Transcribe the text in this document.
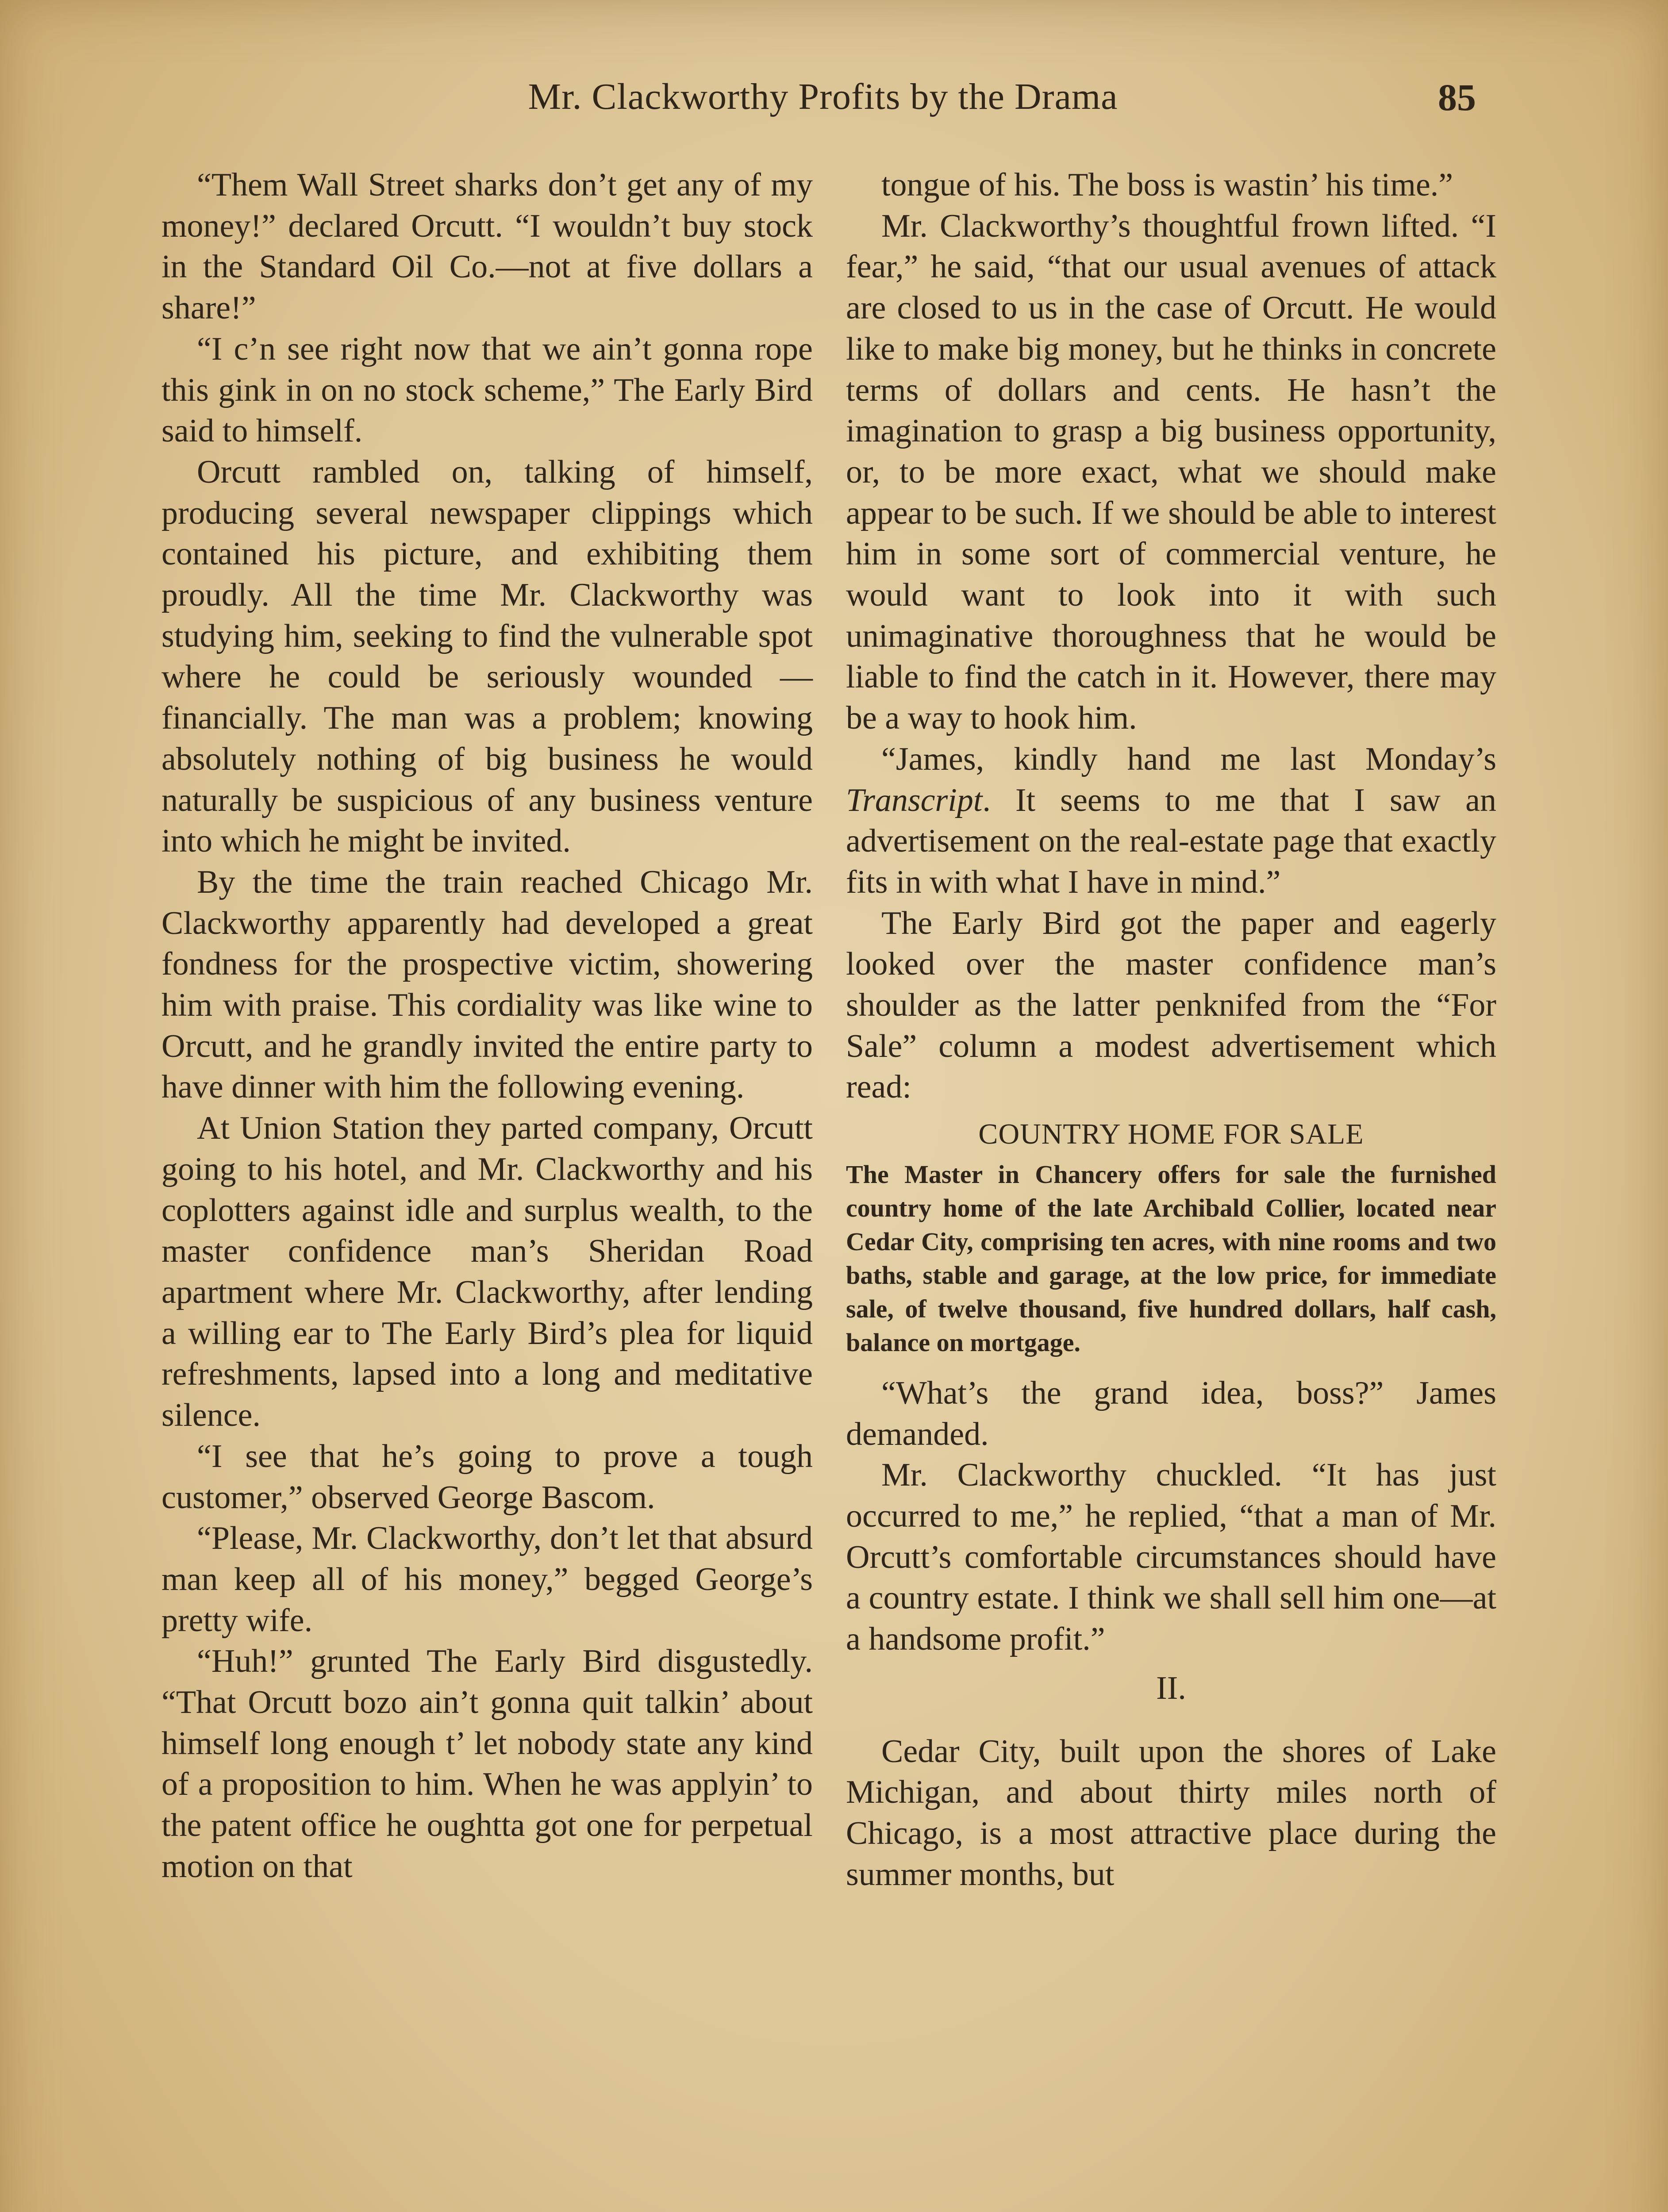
Mr. Clackworthy Profits by the Drama	85

“Them Wall Street sharks don’t get any of my money!” declared Orcutt. “I wouldn’t buy stock in the Standard Oil Co.—not at five dollars a share!”

“I c’n see right now that we ain’t gonna rope this gink in on no stock scheme,” The Early Bird said to himself.

Orcutt rambled on, talking of himself, producing several newspaper clippings which contained his picture, and exhibiting them proudly. All the time Mr. Clackworthy was studying him, seeking to find the vulnerable spot where he could be seriously wounded —financially. The man was a problem; knowing absolutely nothing of big business he would naturally be suspicious of any business venture into which he might be invited.

By the time the train reached Chicago Mr. Clackworthy apparently had developed a great fondness for the prospective victim, showering him with praise. This cordiality was like wine to Orcutt, and he grandly invited the entire party to have dinner with him the following evening.

At Union Station they parted company, Orcutt going to his hotel, and Mr. Clackworthy and his coplotters against idle and surplus wealth, to the master confidence man’s Sheridan Road apartment where Mr. Clackworthy, after lending a willing ear to The Early Bird’s plea for liquid refreshments, lapsed into a long and meditative silence.

“I see that he’s going to prove a tough customer,” observed George Bascom.

“Please, Mr. Clackworthy, don’t let that absurd man keep all of his money,” begged George’s pretty wife.

“Huh!” grunted The Early Bird disgustedly. “That Orcutt bozo ain’t gonna quit talkin’ about himself long enough t’ let nobody state any kind of a proposition to him. When he was applyin’ to the patent office he oughtta got one for perpetual motion on that

tongue of his. The boss is wastin’ his time.”

Mr. Clackworthy’s thoughtful frown lifted. “I fear,” he said, “that our usual avenues of attack are closed to us in the case of Orcutt. He would like to make big money, but he thinks in concrete terms of dollars and cents. He hasn’t the imagination to grasp a big business opportunity, or, to be more exact, what we should make appear to be such. If we should be able to interest him in some sort of commercial venture, he would want to look into it with such unimaginative thoroughness that he would be liable to find the catch in it. However, there may be a way to hook him.

“James, kindly hand me last Monday’s Transcript. It seems to me that I saw an advertisement on the real-estate page that exactly fits in with what I have in mind.”

The Early Bird got the paper and eagerly looked over the master confidence man’s shoulder as the latter penknifed from the “For Sale” column a modest advertisement which read:

COUNTRY HOME FOR SALE

The Master in Chancery offers for sale the furnished country home of the late Archibald Collier, located near Cedar City, comprising ten acres, with nine rooms and two baths, stable and garage, at the low price, for immediate sale, of twelve thousand, five hundred dollars, half cash, balance on mortgage.

“What’s the grand idea, boss?” James demanded.

Mr. Clackworthy chuckled. “It has just occurred to me,” he replied, “that a man of Mr. Orcutt’s comfortable circumstances should have a country estate. I think we shall sell him one—at a handsome profit.”

II.

Cedar City, built upon the shores of Lake Michigan, and about thirty miles north of Chicago, is a most attractive place during the summer months, but
